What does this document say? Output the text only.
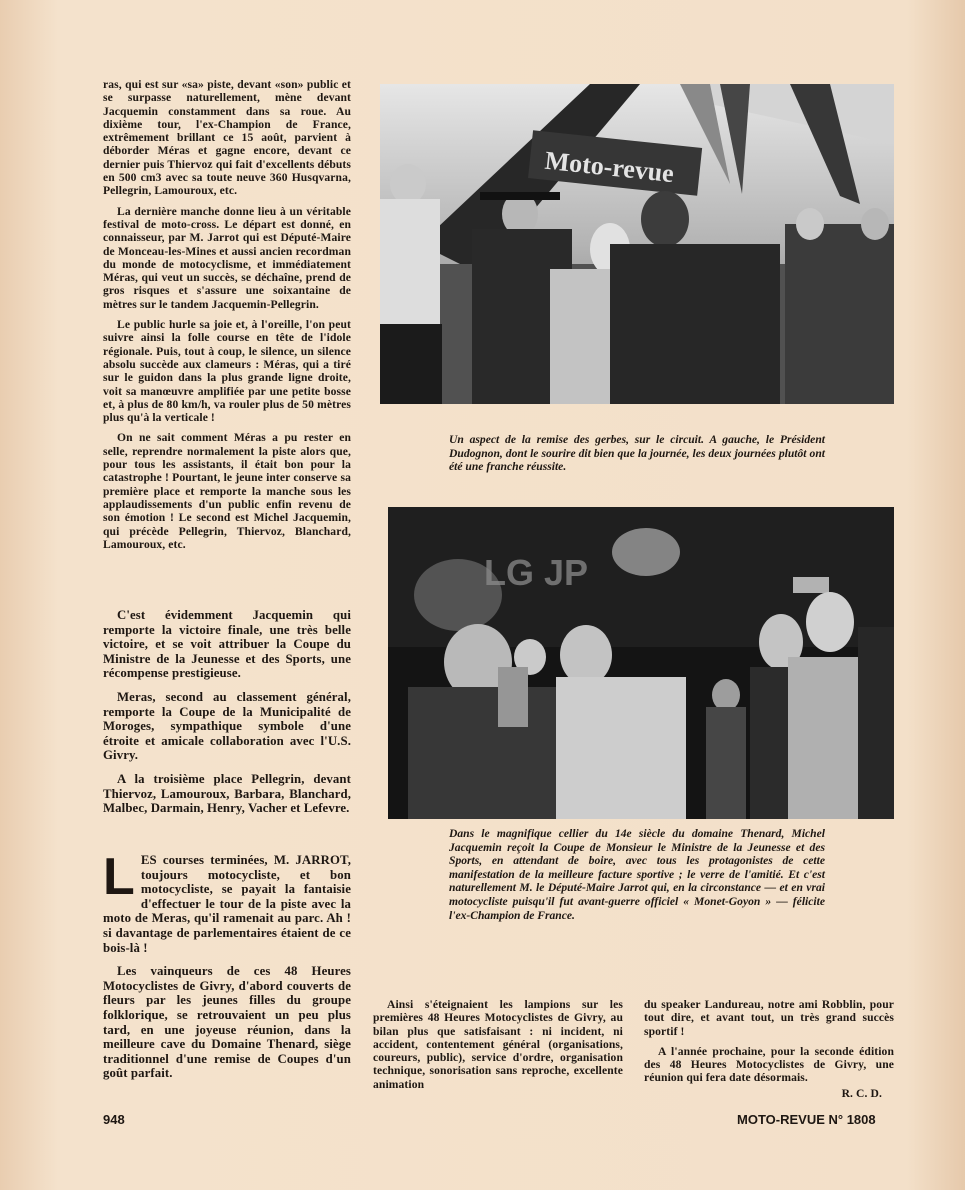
ras, qui est sur «sa» piste, devant «son» public et se surpasse naturellement, mène devant Jacquemin constamment dans sa roue. Au dixième tour, l'ex-Champion de France, extrêmement brillant ce 15 août, parvient à déborder Méras et gagne encore, devant ce dernier puis Thiervoz qui fait d'excellents débuts en 500 cm3 avec sa toute neuve 360 Husqvarna, Pellegrin, Lamouroux, etc.

La dernière manche donne lieu à un véritable festival de moto-cross. Le départ est donné, en connaisseur, par M. Jarrot qui est Député-Maire de Monceau-les-Mines et aussi ancien recordman du monde de motocyclisme, et immédiatement Méras, qui veut un succès, se déchaîne, prend de gros risques et s'assure une soixantaine de mètres sur le tandem Jacquemin-Pellegrin.

Le public hurle sa joie et, à l'oreille, l'on peut suivre ainsi la folle course en tête de l'idole régionale. Puis, tout à coup, le silence, un silence absolu succède aux clameurs : Méras, qui a tiré sur le guidon dans la plus grande ligne droite, voit sa manœuvre amplifiée par une petite bosse et, à plus de 80 km/h, va rouler plus de 50 mètres plus qu'à la verticale !

On ne sait comment Méras a pu rester en selle, reprendre normalement la piste alors que, pour tous les assistants, il était bon pour la catastrophe ! Pourtant, le jeune inter conserve sa première place et remporte la manche sous les applaudissements d'un public enfin revenu de son émotion ! Le second est Michel Jacquemin, qui précède Pellegrin, Thiervoz, Blanchard, Lamouroux, etc.

C'est évidemment Jacquemin qui remporte la victoire finale, une très belle victoire, et se voit attribuer la Coupe du Ministre de la Jeunesse et des Sports, une récompense prestigieuse.

Meras, second au classement général, remporte la Coupe de la Municipalité de Moroges, sympathique symbole d'une étroite et amicale collaboration avec l'U.S. Givry.

A la troisième place Pellegrin, devant Thiervoz, Lamouroux, Barbara, Blanchard, Malbec, Darmain, Henry, Vacher et Lefevre.

LES courses terminées, M. JARROT, toujours motocycliste, et bon motocycliste, se payait la fantaisie d'effectuer le tour de la piste avec la moto de Meras, qu'il ramenait au parc. Ah ! si davantage de parlementaires étaient de ce bois-là !

Les vainqueurs de ces 48 Heures Motocyclistes de Givry, d'abord couverts de fleurs par les jeunes filles du groupe folklorique, se retrouvaient un peu plus tard, en une joyeuse réunion, dans la meilleure cave du Domaine Thenard, siège traditionnel d'une remise de Coupes d'un goût parfait.

Moto-revue
Un aspect de la remise des gerbes, sur le circuit. A gauche, le Président Dudognon, dont le sourire dit bien que la journée, les deux journées plutôt ont été une franche réussite.
LG JP
Dans le magnifique cellier du 14e siècle du domaine Thenard, Michel Jacquemin reçoit la Coupe de Monsieur le Ministre de la Jeunesse et des Sports, en attendant de boire, avec tous les protagonistes de cette manifestation de la meilleure facture sportive ; le verre de l'amitié. Et c'est naturellement M. le Député-Maire Jarrot qui, en la circonstance — et en vrai motocycliste puisqu'il fut avant-guerre officiel « Monet-Goyon » — félicite l'ex-Champion de France.

Ainsi s'éteignaient les lampions sur les premières 48 Heures Motocyclistes de Givry, au bilan plus que satisfaisant : ni incident, ni accident, contentement général (organisations, coureurs, public), service d'ordre, organisation technique, sonorisation sans reproche, excellente animation

du speaker Landureau, notre ami Robblin, pour tout dire, et avant tout, un très grand succès sportif !

A l'année prochaine, pour la seconde édition des 48 Heures Motocyclistes de Givry, une réunion qui fera date désormais.

R. C. D.

948	MOTO-REVUE N° 1808
